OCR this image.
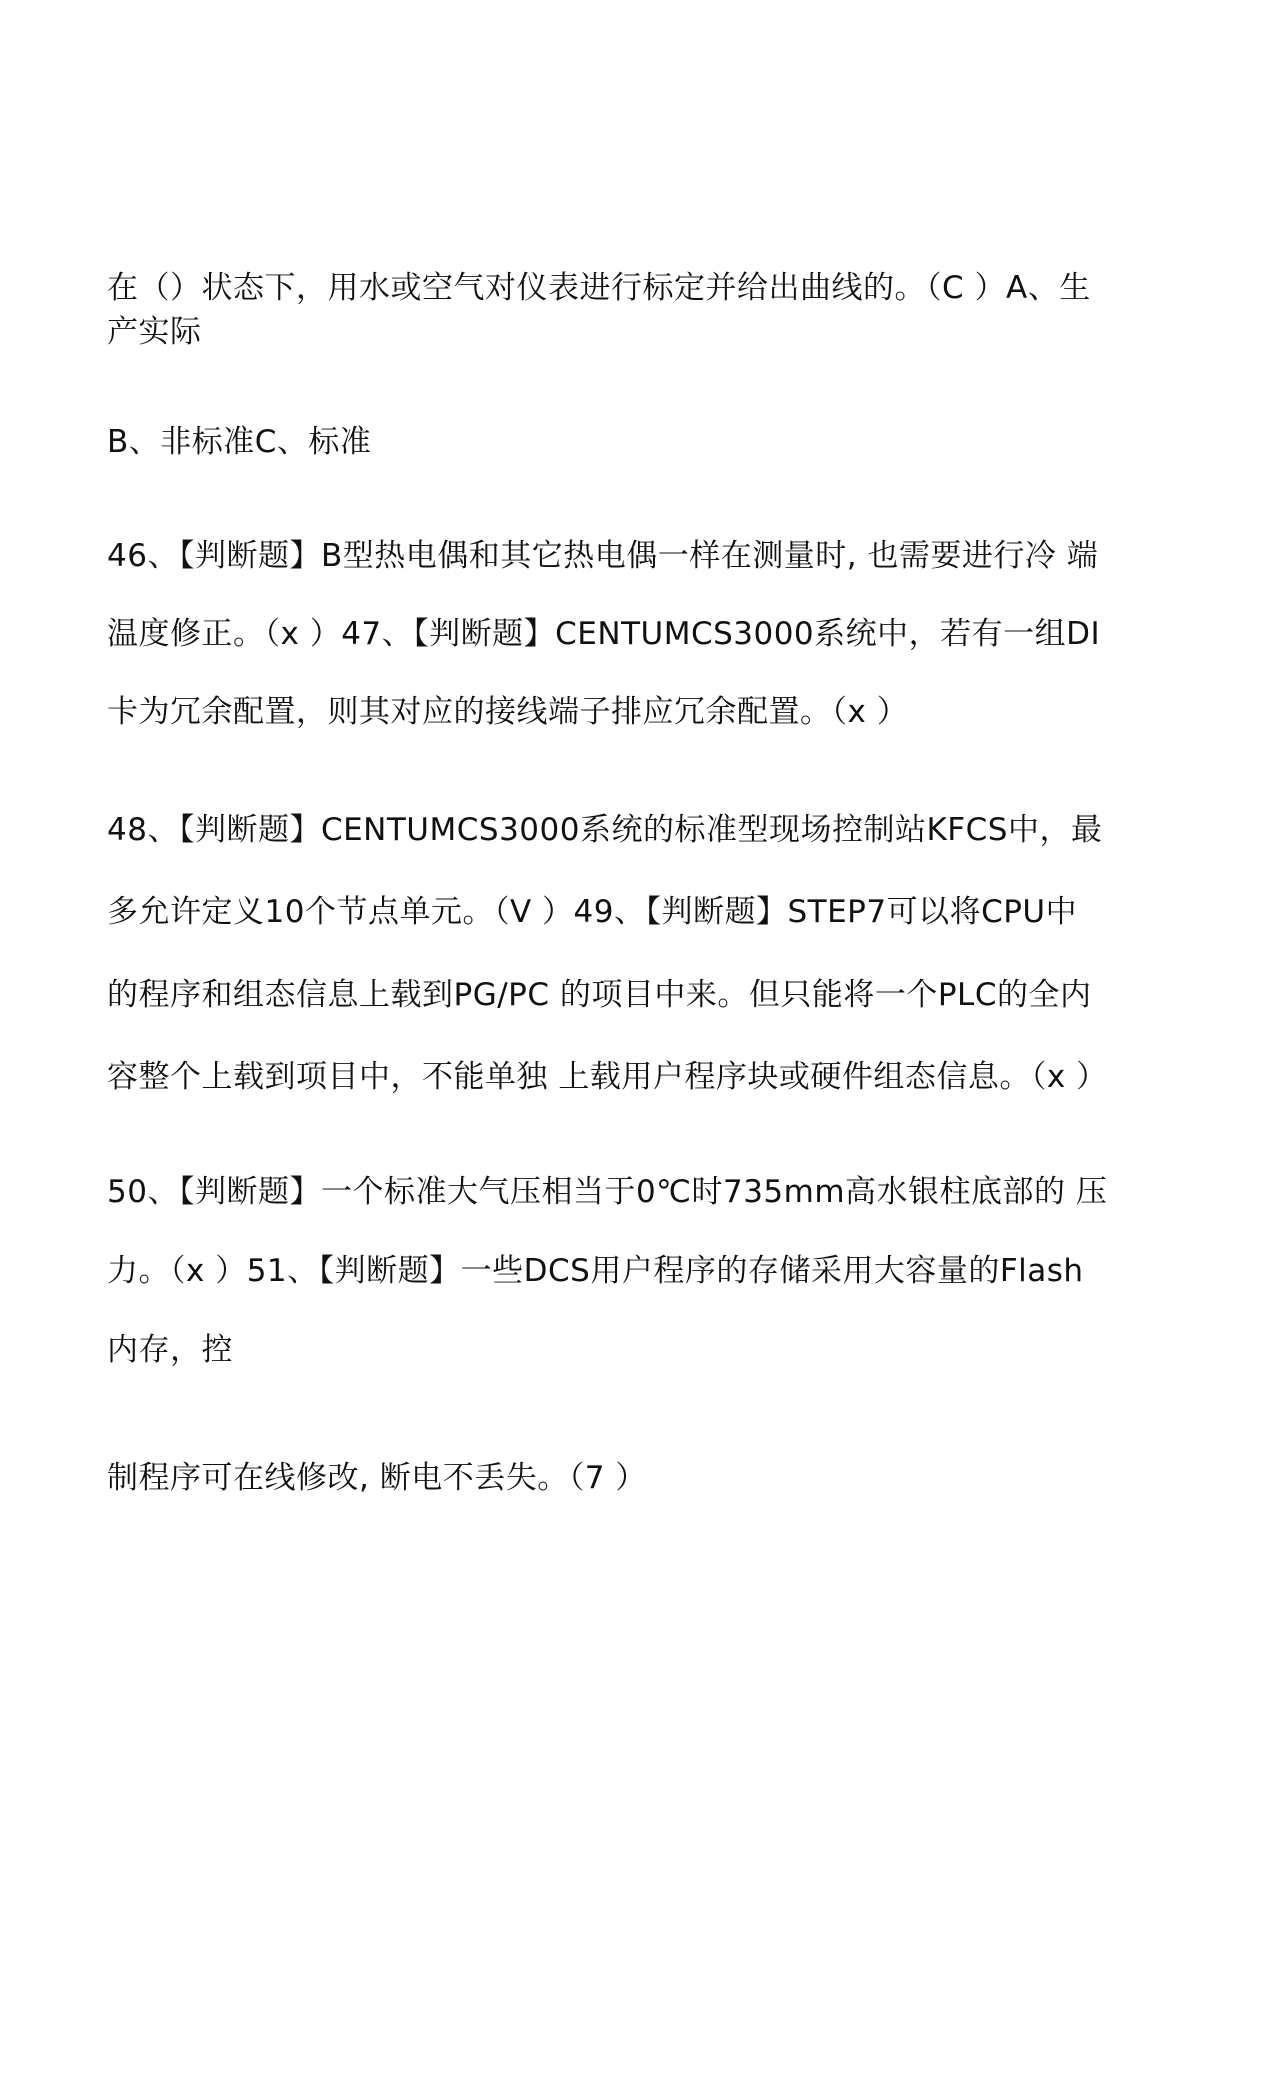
在（）状态下，用水或空气对仪表进行标定并给出曲线的。（C ）A、生
产实际
B、非标准C、标准
46、【判断题】B型热电偶和其它热电偶一样在测量时, 也需要进行冷 端
温度修正。（x ）47、【判断题】CENTUMCS3000系统中，若有一组DI
卡为冗余配置，则其对应的接线端子排应冗余配置。（x ）
48、【判断题】CENTUMCS3000系统的标准型现场控制站KFCS中，最
多允许定义10个节点单元。（V ）49、【判断题】STEP7可以将CPU中
的程序和组态信息上载到PG/PC 的项目中来。但只能将一个PLC的全内
容整个上载到项目中，不能单独 上载用户程序块或硬件组态信息。（x ）
50、【判断题】一个标准大气压相当于0℃时735mm高水银柱底部的 压
力。（x ）51、【判断题】一些DCS用户程序的存储采用大容量的Flash
内存，控
制程序可在线修改, 断电不丢失。（7 ）
